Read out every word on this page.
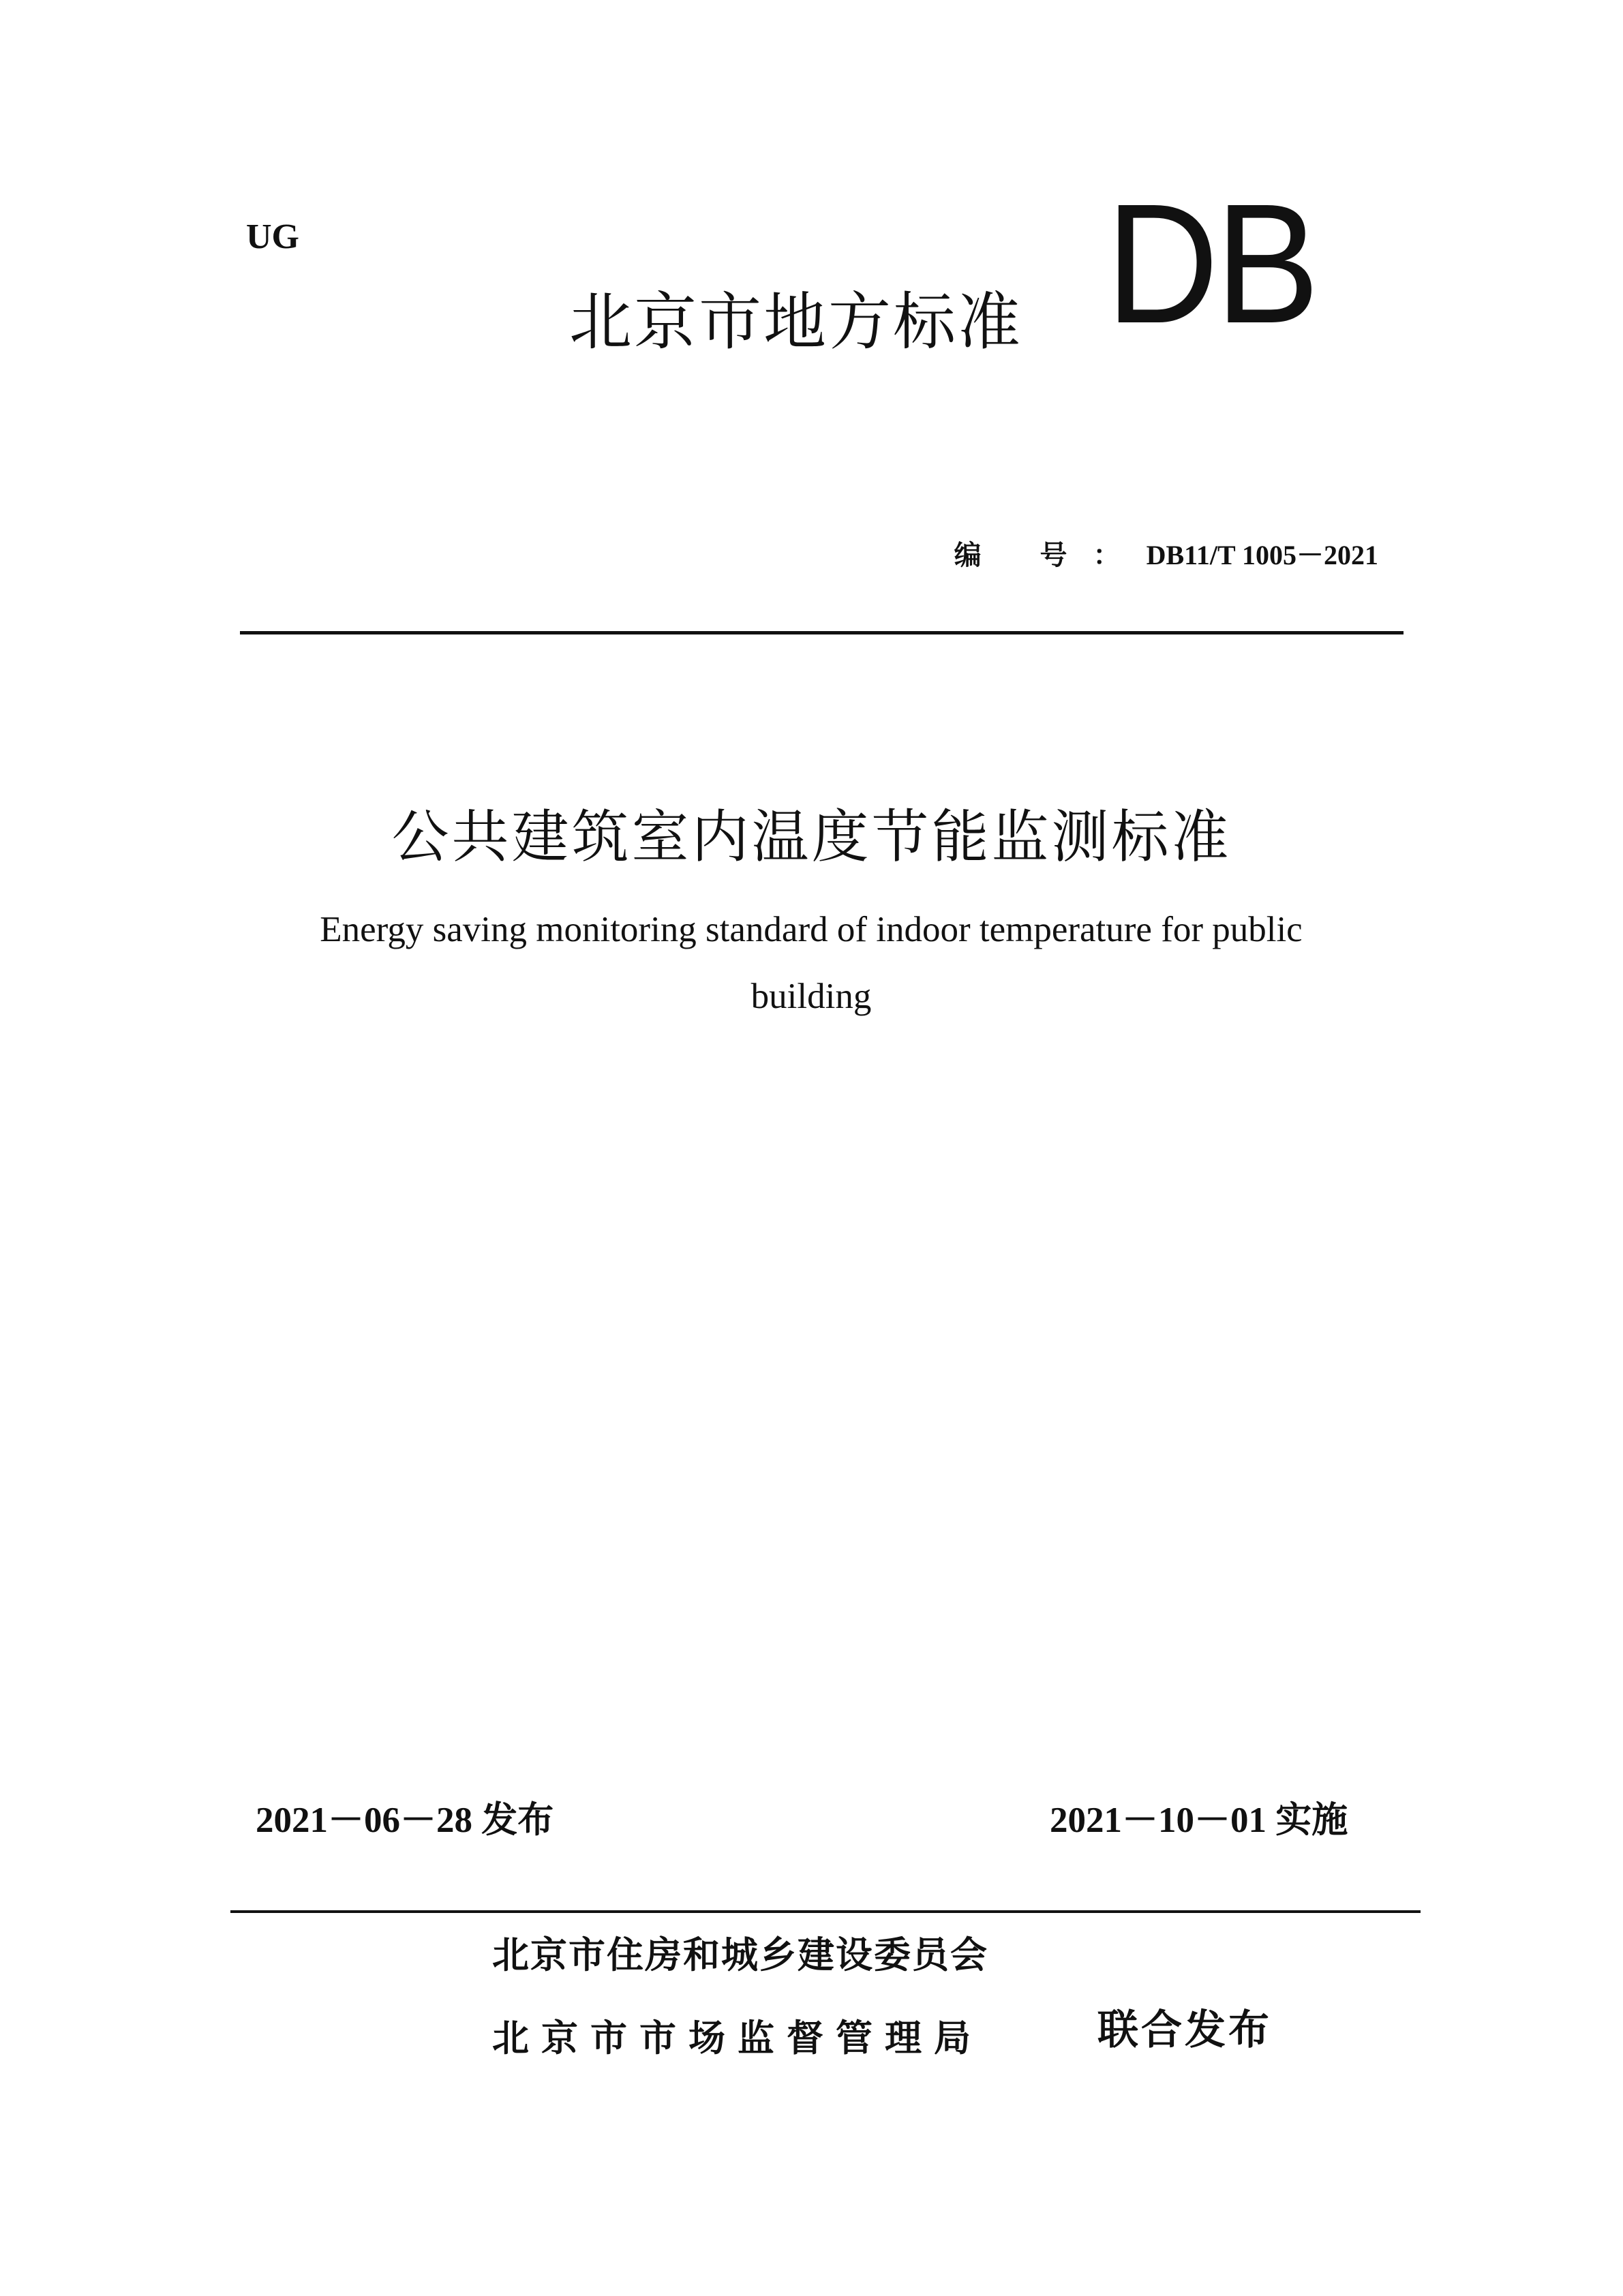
UG
北京市地方标准 DB
编 号：DB11/T 1005－2021
公共建筑室内温度节能监测标准
Energy saving monitoring standard of indoor temperature for public building
2021－06－28 发布	2021－10－01 实施
北京市住房和城乡建设委员会
北京市市场监督管理局	联合发布
